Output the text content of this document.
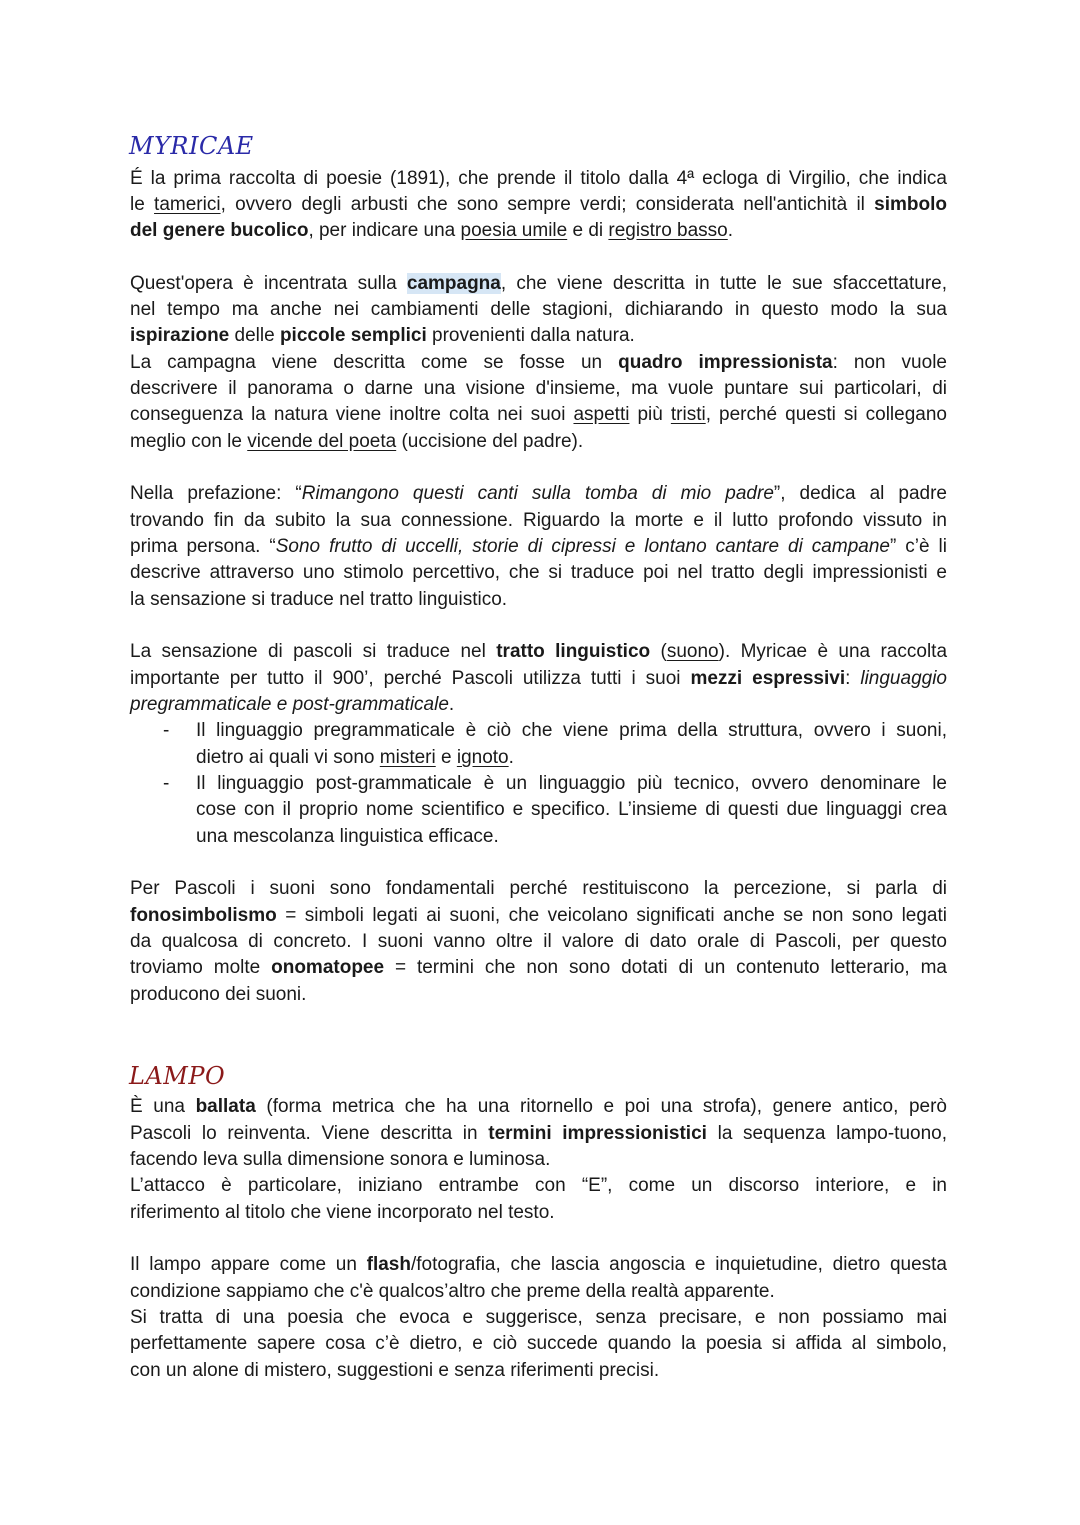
MYRICAE
É la prima raccolta di poesie (1891), che prende il titolo dalla 4ª ecloga di Virgilio, che indica
le tamerici, ovvero degli arbusti che sono sempre verdi; considerata nell'antichità il simbolo
del genere bucolico, per indicare una poesia umile e di registro basso.
Quest'opera è incentrata sulla campagna, che viene descritta in tutte le sue sfaccettature,
nel tempo ma anche nei cambiamenti delle stagioni, dichiarando in questo modo la sua
ispirazione delle piccole semplici provenienti dalla natura.
La campagna viene descritta come se fosse un quadro impressionista: non vuole
descrivere il panorama o darne una visione d'insieme, ma vuole puntare sui particolari, di
conseguenza la natura viene inoltre colta nei suoi aspetti più tristi, perché questi si collegano
meglio con le vicende del poeta (uccisione del padre).
Nella prefazione: “Rimangono questi canti sulla tomba di mio padre”, dedica al padre
trovando fin da subito la sua connessione. Riguardo la morte e il lutto profondo vissuto in
prima persona. “Sono frutto di uccelli, storie di cipressi e lontano cantare di campane” c’è li
descrive attraverso uno stimolo percettivo, che si traduce poi nel tratto degli impressionisti e
la sensazione si traduce nel tratto linguistico.
La sensazione di pascoli si traduce nel tratto linguistico (suono). Myricae è una raccolta
importante per tutto il 900’, perché Pascoli utilizza tutti i suoi mezzi espressivi: linguaggio
pregrammaticale e post-grammaticale.
- Il linguaggio pregrammaticale è ciò che viene prima della struttura, ovvero i suoni,
dietro ai quali vi sono misteri e ignoto.
- Il linguaggio post-grammaticale è un linguaggio più tecnico, ovvero denominare le
cose con il proprio nome scientifico e specifico. L’insieme di questi due linguaggi crea
una mescolanza linguistica efficace.
Per Pascoli i suoni sono fondamentali perché restituiscono la percezione, si parla di
fonosimbolismo = simboli legati ai suoni, che veicolano significati anche se non sono legati
da qualcosa di concreto. I suoni vanno oltre il valore di dato orale di Pascoli, per questo
troviamo molte onomatopee = termini che non sono dotati di un contenuto letterario, ma
producono dei suoni.
LAMPO
È una ballata (forma metrica che ha una ritornello e poi una strofa), genere antico, però
Pascoli lo reinventa. Viene descritta in termini impressionistici la sequenza lampo-tuono,
facendo leva sulla dimensione sonora e luminosa.
L’attacco è particolare, iniziano entrambe con “E”, come un discorso interiore, e in
riferimento al titolo che viene incorporato nel testo.
Il lampo appare come un flash/fotografia, che lascia angoscia e inquietudine, dietro questa
condizione sappiamo che c'è qualcos’altro che preme della realtà apparente.
Si tratta di una poesia che evoca e suggerisce, senza precisare, e non possiamo mai
perfettamente sapere cosa c’è dietro, e ciò succede quando la poesia si affida al simbolo,
con un alone di mistero, suggestioni e senza riferimenti precisi.
